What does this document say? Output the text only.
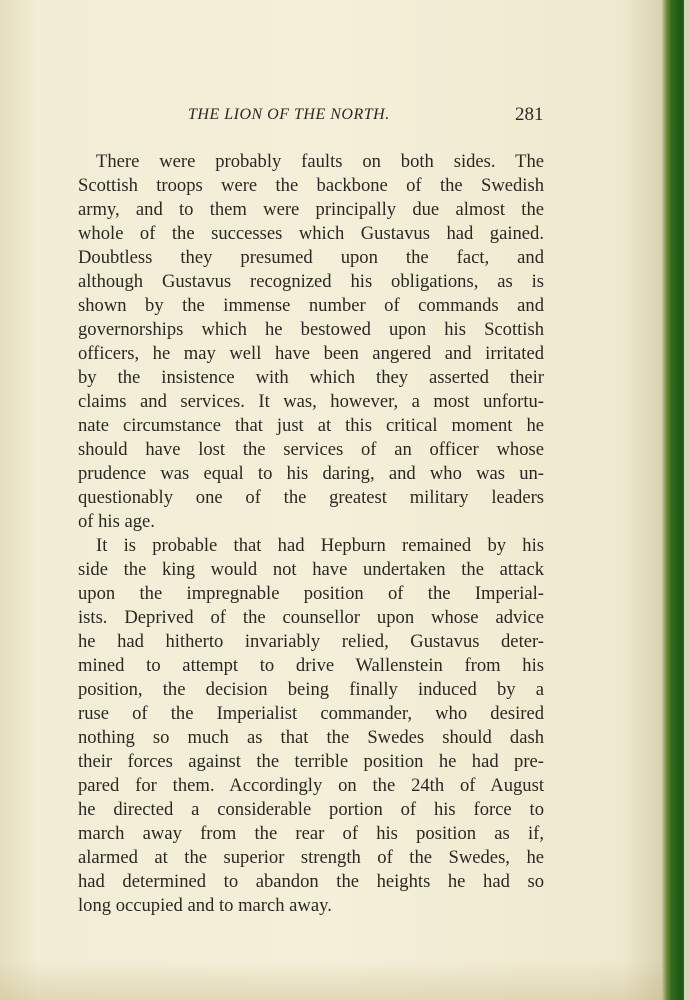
THE LION OF THE NORTH.	281
There were probably faults on both sides. The
Scottish troops were the backbone of the Swedish
army, and to them were principally due almost the
whole of the successes which Gustavus had gained.
Doubtless they presumed upon the fact, and
although Gustavus recognized his obligations, as is
shown by the immense number of commands and
governorships which he bestowed upon his Scottish
officers, he may well have been angered and irritated
by the insistence with which they asserted their
claims and services. It was, however, a most unfortu-
nate circumstance that just at this critical moment he
should have lost the services of an officer whose
prudence was equal to his daring, and who was un-
questionably one of the greatest military leaders
of his age.
It is probable that had Hepburn remained by his
side the king would not have undertaken the attack
upon the impregnable position of the Imperial-
ists. Deprived of the counsellor upon whose advice
he had hitherto invariably relied, Gustavus deter-
mined to attempt to drive Wallenstein from his
position, the decision being finally induced by a
ruse of the Imperialist commander, who desired
nothing so much as that the Swedes should dash
their forces against the terrible position he had pre-
pared for them. Accordingly on the 24th of August
he directed a considerable portion of his force to
march away from the rear of his position as if,
alarmed at the superior strength of the Swedes, he
had determined to abandon the heights he had so
long occupied and to march away.
